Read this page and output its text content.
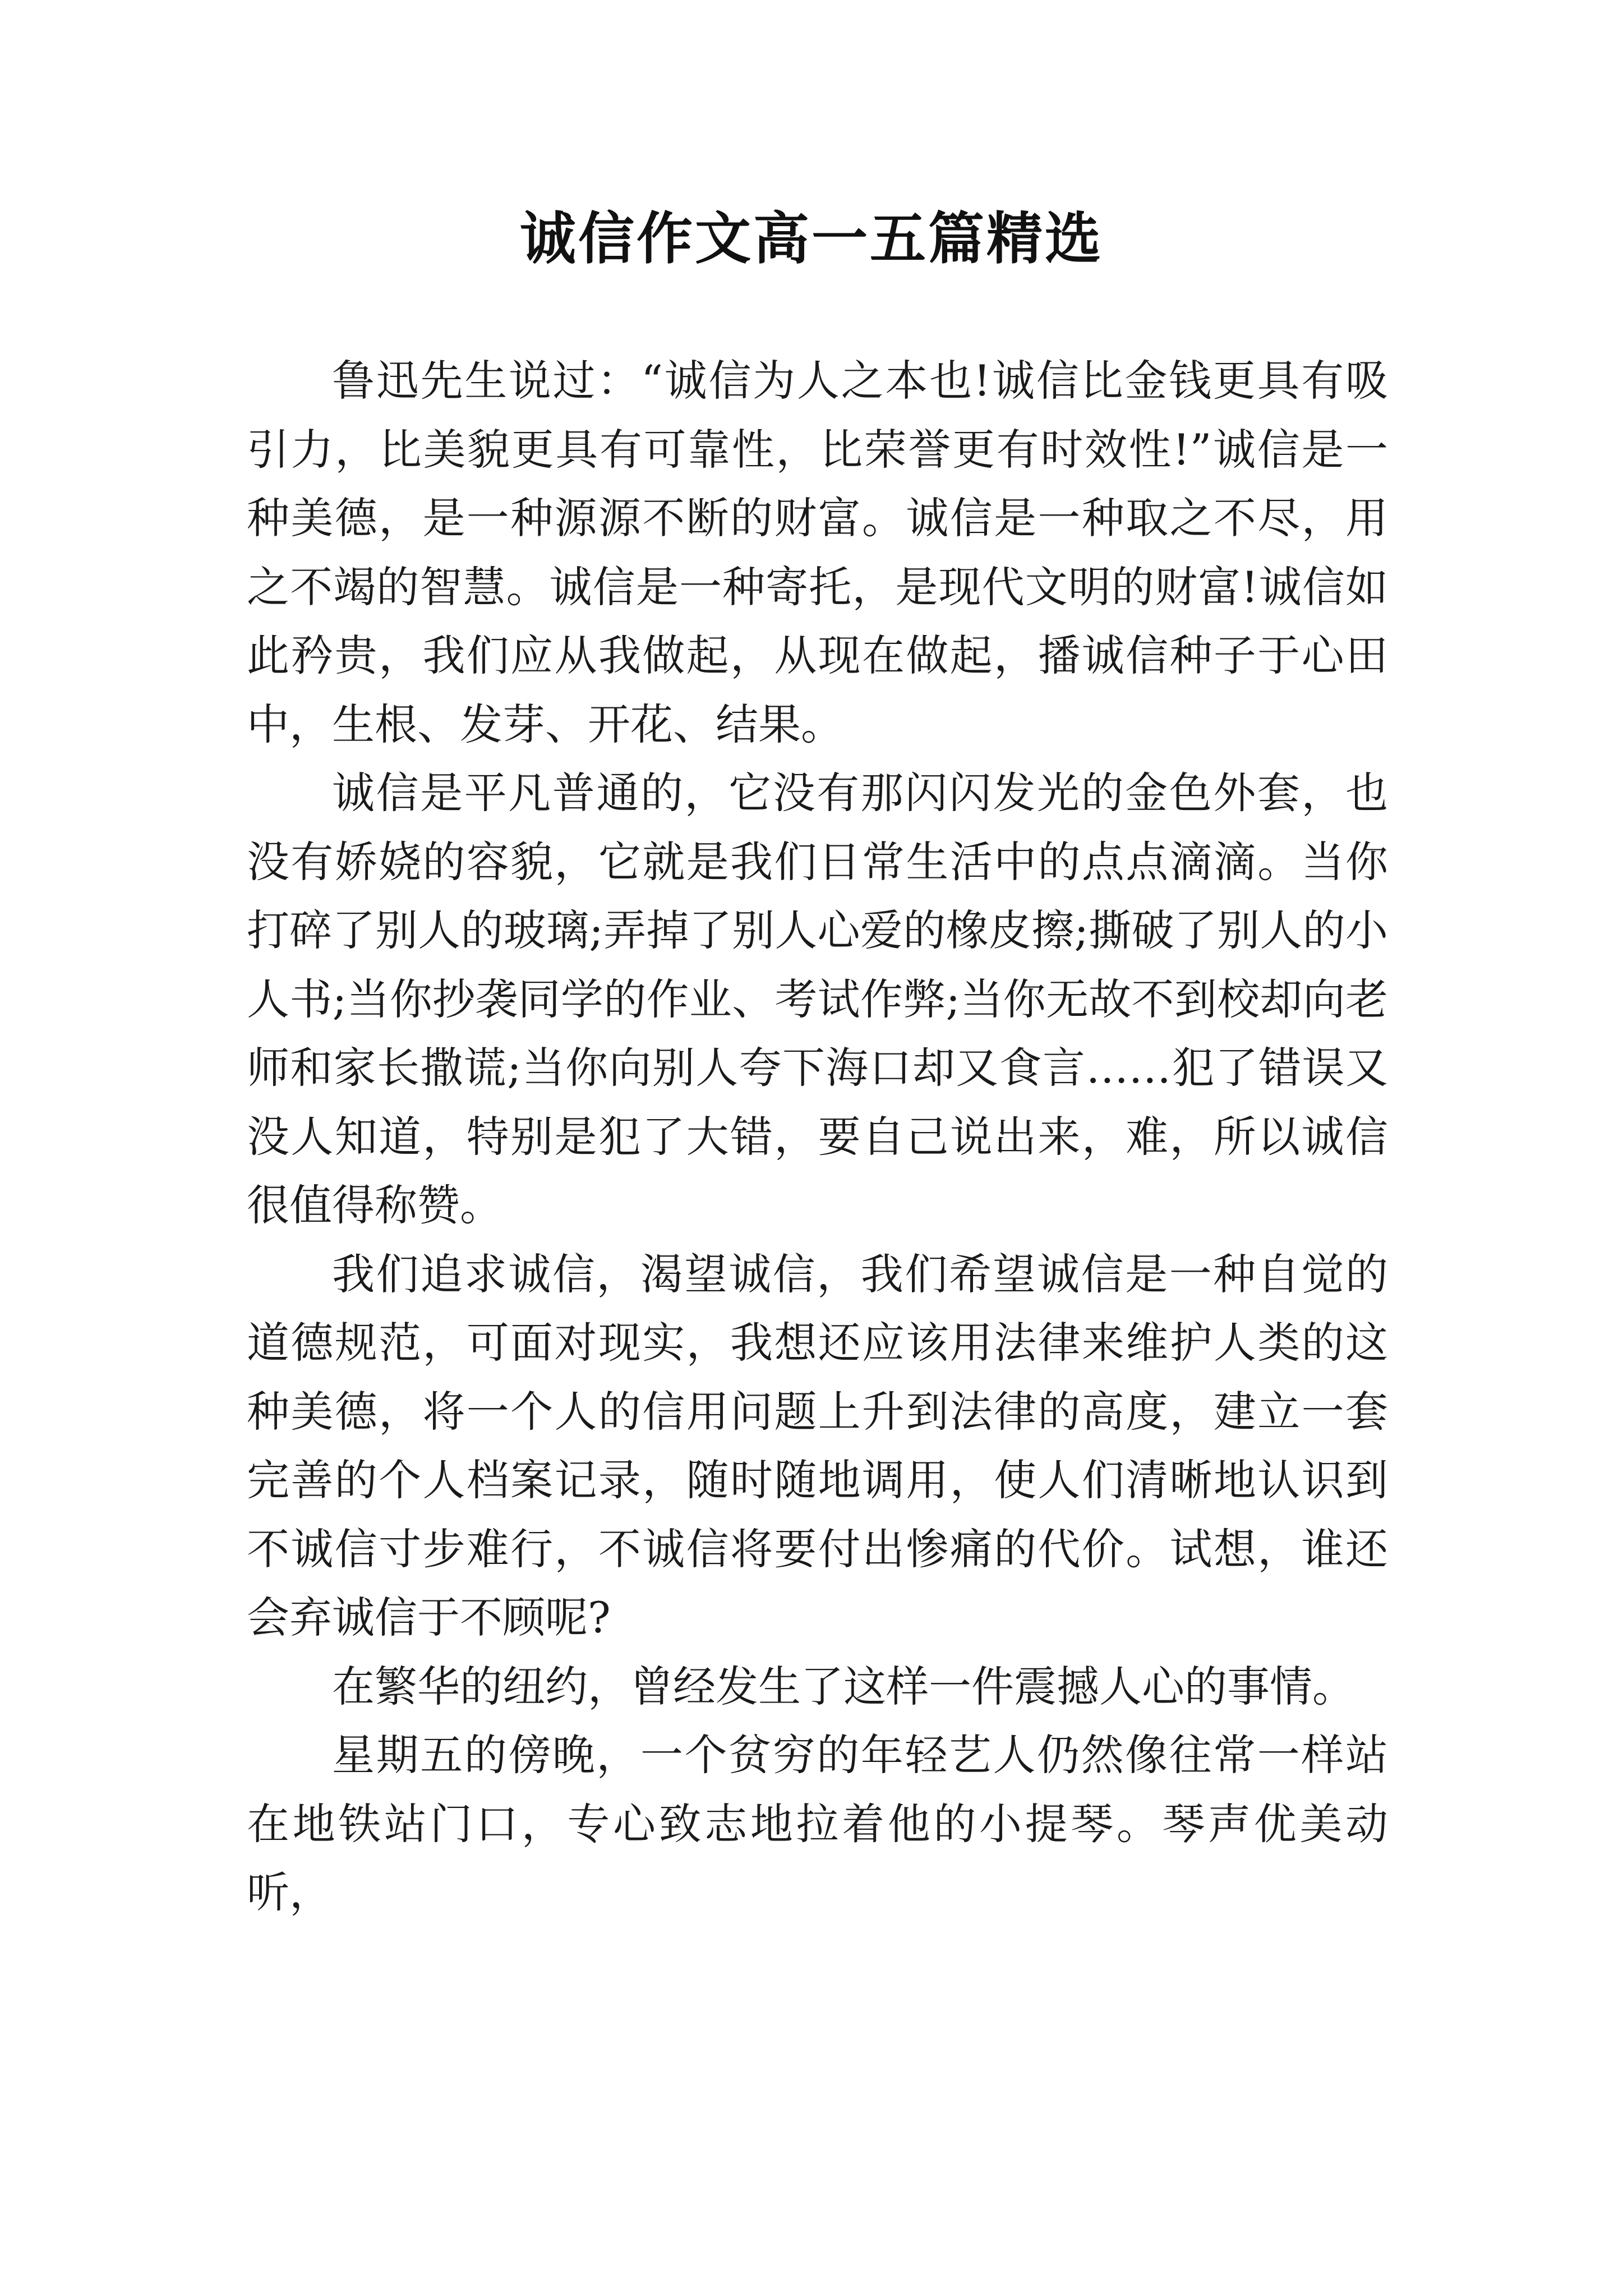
诚信作文高一五篇精选

鲁迅先生说过：“诚信为人之本也!诚信比金钱更具有吸引力，比美貌更具有可靠性，比荣誉更有时效性!”诚信是一种美德，是一种源源不断的财富。诚信是一种取之不尽，用之不竭的智慧。诚信是一种寄托，是现代文明的财富!诚信如此矜贵，我们应从我做起，从现在做起，播诚信种子于心田中，生根、发芽、开花、结果。

诚信是平凡普通的，它没有那闪闪发光的金色外套，也没有娇娆的容貌，它就是我们日常生活中的点点滴滴。当你打碎了别人的玻璃;弄掉了别人心爱的橡皮擦;撕破了别人的小人书;当你抄袭同学的作业、考试作弊;当你无故不到校却向老师和家长撒谎;当你向别人夸下海口却又食言……犯了错误又没人知道，特别是犯了大错，要自己说出来，难，所以诚信很值得称赞。

我们追求诚信，渴望诚信，我们希望诚信是一种自觉的道德规范，可面对现实，我想还应该用法律来维护人类的这种美德，将一个人的信用问题上升到法律的高度，建立一套完善的个人档案记录，随时随地调用，使人们清晰地认识到不诚信寸步难行，不诚信将要付出惨痛的代价。试想，谁还会弃诚信于不顾呢?

在繁华的纽约，曾经发生了这样一件震撼人心的事情。

星期五的傍晚，一个贫穷的年轻艺人仍然像往常一样站在地铁站门口，专心致志地拉着他的小提琴。琴声优美动听，
